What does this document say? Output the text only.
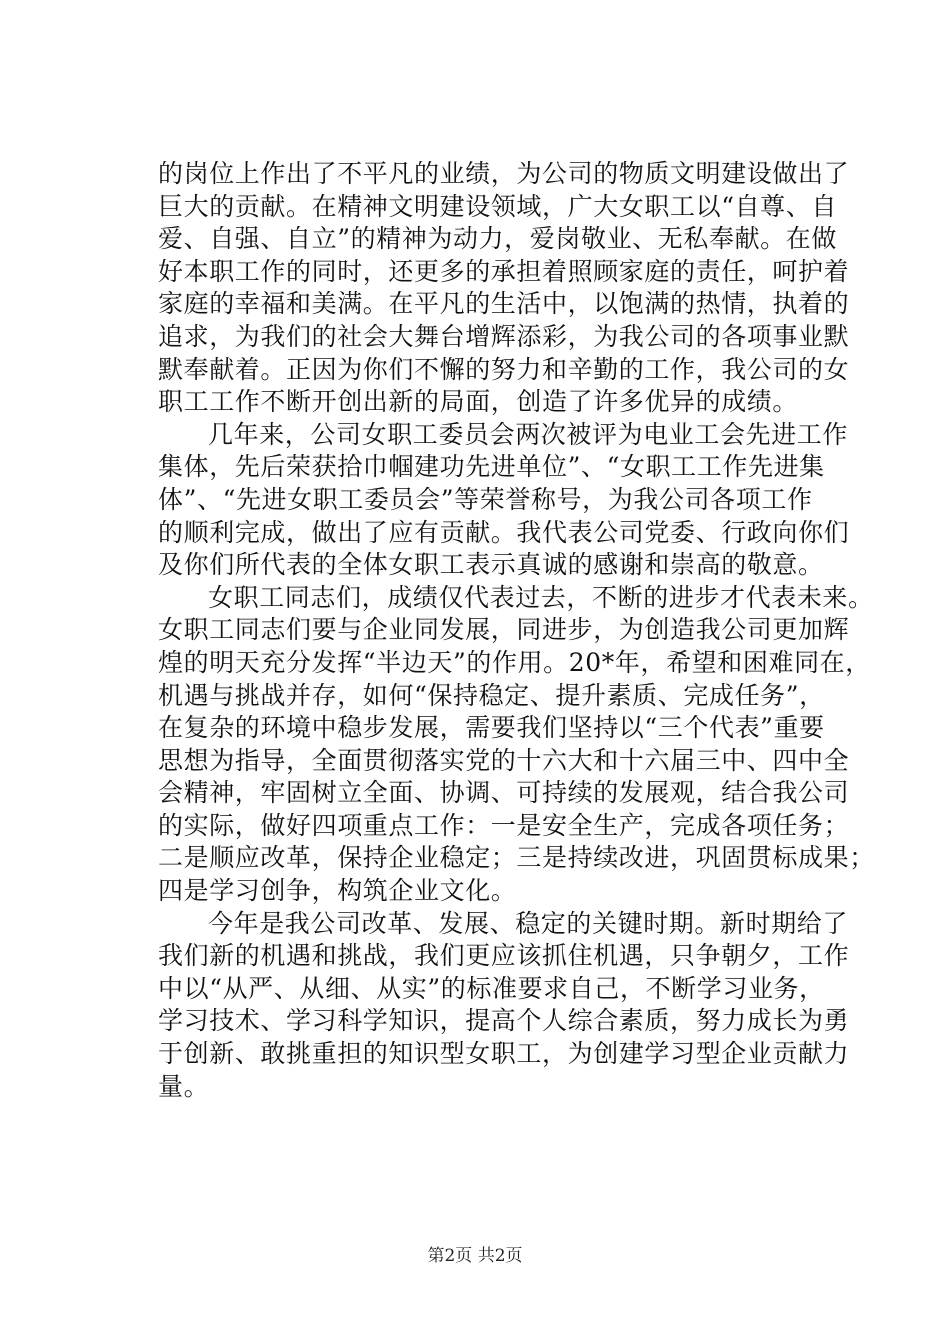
的岗位上作出了不平凡的业绩，为公司的物质文明建设做出了
巨大的贡献。在精神文明建设领域，广大女职工以“自尊、自
爱、自强、自立”的精神为动力，爱岗敬业、无私奉献。在做
好本职工作的同时，还更多的承担着照顾家庭的责任，呵护着
家庭的幸福和美满。在平凡的生活中，以饱满的热情，执着的
追求，为我们的社会大舞台增辉添彩，为我公司的各项事业默
默奉献着。正因为你们不懈的努力和辛勤的工作，我公司的女
职工工作不断开创出新的局面，创造了许多优异的成绩。
几年来，公司女职工委员会两次被评为电业工会先进工作
集体，先后荣获拾巾帼建功先进单位”、“女职工工作先进集
体”、“先进女职工委员会”等荣誉称号，为我公司各项工作
的顺利完成，做出了应有贡献。我代表公司党委、行政向你们
及你们所代表的全体女职工表示真诚的感谢和崇高的敬意。
女职工同志们，成绩仅代表过去，不断的进步才代表未来。
女职工同志们要与企业同发展，同进步，为创造我公司更加辉
煌的明天充分发挥“半边天”的作用。20*年，希望和困难同在，
机遇与挑战并存，如何“保持稳定、提升素质、完成任务”，
在复杂的环境中稳步发展，需要我们坚持以“三个代表”重要
思想为指导，全面贯彻落实党的十六大和十六届三中、四中全
会精神，牢固树立全面、协调、可持续的发展观，结合我公司
的实际，做好四项重点工作：一是安全生产，完成各项任务；
二是顺应改革，保持企业稳定；三是持续改进，巩固贯标成果；
四是学习创争，构筑企业文化。
今年是我公司改革、发展、稳定的关键时期。新时期给了
我们新的机遇和挑战，我们更应该抓住机遇，只争朝夕，工作
中以“从严、从细、从实”的标准要求自己，不断学习业务，
学习技术、学习科学知识，提高个人综合素质，努力成长为勇
于创新、敢挑重担的知识型女职工，为创建学习型企业贡献力
量。
第2页 共2页
